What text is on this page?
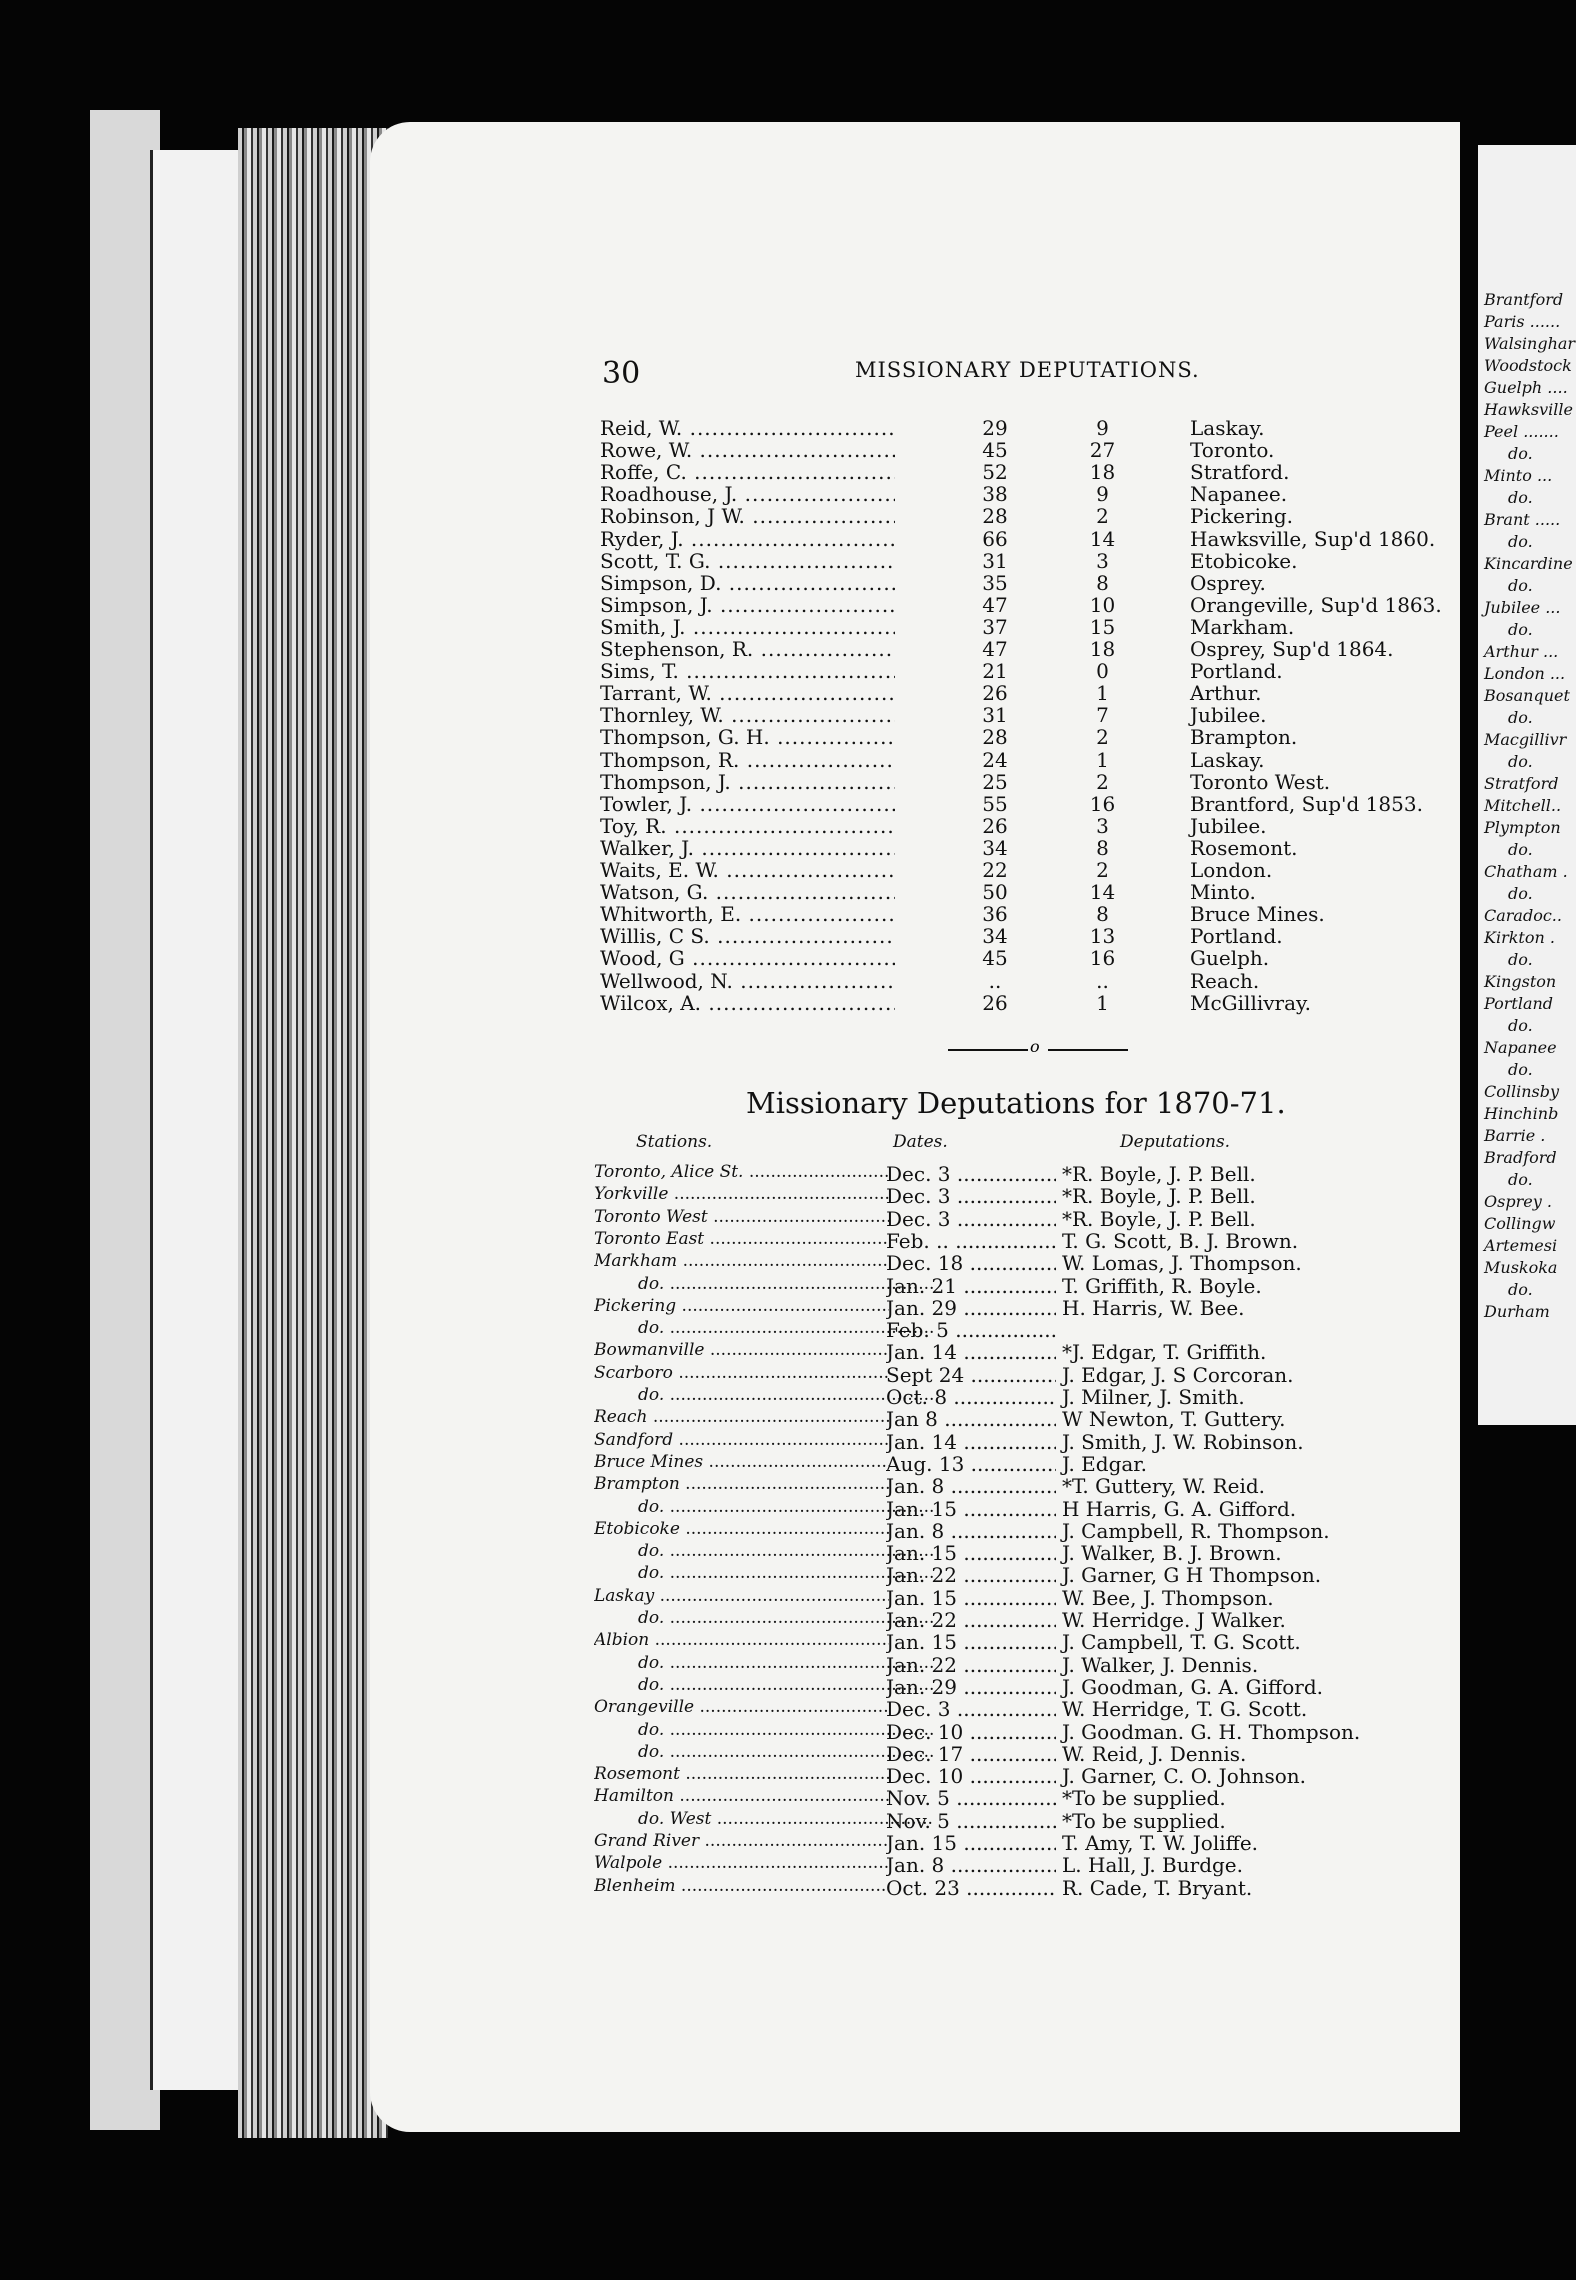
Brantford
Paris ......
Walsinghar
Woodstock
Guelph ....
Hawksville
Peel .......
do.
Minto ...
do.
Brant .....
do.
Kincardine
do.
Jubilee ...
do.
Arthur ...
London ...
Bosanquet
do.
Macgillivr
do.
Stratford
Mitchell..
Plympton
do.
Chatham .
do.
Caradoc..
Kirkton .
do.
Kingston
Portland
do.
Napanee
do.
Collinsby
Hinchinb
Barrie .
Bradford
do.
Osprey .
Collingw
Artemesi
Muskoka
do.
Durham
30	MISSIONARY DEPUTATIONS.
Reid, W. .....	29	9	Laskay.
Rowe, W. .....	45	27	Toronto.
Roffe, C. .....	52	18	Stratford.
Roadhouse, J. .....	38	9	Napanee.
Robinson, J W. .....	28	2	Pickering.
Ryder, J. .....	66	14	Hawksville, Sup'd 1860.
Scott, T. G. .....	31	3	Etobicoke.
Simpson, D. .....	35	8	Osprey.
Simpson, J. .....	47	10	Orangeville, Sup'd 1863.
Smith, J. .....	37	15	Markham.
Stephenson, R. .....	47	18	Osprey, Sup'd 1864.
Sims, T. .....	21	0	Portland.
Tarrant, W. .....	26	1	Arthur.
Thornley, W. .....	31	7	Jubilee.
Thompson, G. H. .....	28	2	Brampton.
Thompson, R. .....	24	1	Laskay.
Thompson, J. .....	25	2	Toronto West.
Towler, J. .....	55	16	Brantford, Sup'd 1853.
Toy, R. .....	26	3	Jubilee.
Walker, J. .....	34	8	Rosemont.
Waits, E. W. .....	22	2	London.
Watson, G. .....	50	14	Minto.
Whitworth, E. .....	36	8	Bruce Mines.
Willis, C S. .....	34	13	Portland.
Wood, G .....	45	16	Guelph.
Wellwood, N. .....	..	..	Reach.
Wilcox, A. .....	26	1	McGillivray.
o
Missionary Deputations for 1870-71.
Stations.	Dates.	Deputations.
Toronto, Alice St. .....	Dec. 3 .....	*R. Boyle, J. P. Bell.
Yorkville .....	Dec. 3 .....	*R. Boyle, J. P. Bell.
Toronto West .....	Dec. 3 .....	*R. Boyle, J. P. Bell.
Toronto East .....	Feb. .. .....	T. G. Scott, B. J. Brown.
Markham .....	Dec. 18 .....	W. Lomas, J. Thompson.
do. .....	Jan. 21 .....	T. Griffith, R. Boyle.
Pickering .....	Jan. 29 .....	H. Harris, W. Bee.
do. .....	Feb. 5 .....
Bowmanville .....	Jan. 14 .....	*J. Edgar, T. Griffith.
Scarboro .....	Sept 24 .....	J. Edgar, J. S Corcoran.
do. .....	Oct. 8 .....	J. Milner, J. Smith.
Reach .....	Jan 8 .....	W Newton, T. Guttery.
Sandford .....	Jan. 14 .....	J. Smith, J. W. Robinson.
Bruce Mines .....	Aug. 13 .....	J. Edgar.
Brampton .....	Jan. 8 .....	*T. Guttery, W. Reid.
do. .....	Jan. 15 .....	H Harris, G. A. Gifford.
Etobicoke .....	Jan. 8 .....	J. Campbell, R. Thompson.
do. .....	Jan. 15 .....	J. Walker, B. J. Brown.
do. .....	Jan. 22 .....	J. Garner, G H Thompson.
Laskay .....	Jan. 15 .....	W. Bee, J. Thompson.
do. .....	Jan. 22 .....	W. Herridge. J Walker.
Albion .....	Jan. 15 .....	J. Campbell, T. G. Scott.
do. .....	Jan. 22 .....	J. Walker, J. Dennis.
do. .....	Jan. 29 .....	J. Goodman, G. A. Gifford.
Orangeville .....	Dec. 3 .....	W. Herridge, T. G. Scott.
do. .....	Dec. 10 .....	J. Goodman. G. H. Thompson.
do. .....	Dec. 17 .....	W. Reid, J. Dennis.
Rosemont .....	Dec. 10 .....	J. Garner, C. O. Johnson.
Hamilton .....	Nov. 5 .....	*To be supplied.
do. West .....	Nov. 5 .....	*To be supplied.
Grand River .....	Jan. 15 .....	T. Amy, T. W. Joliffe.
Walpole .....	Jan. 8 .....	L. Hall, J. Burdge.
Blenheim .....	Oct. 23 .....	R. Cade, T. Bryant.
